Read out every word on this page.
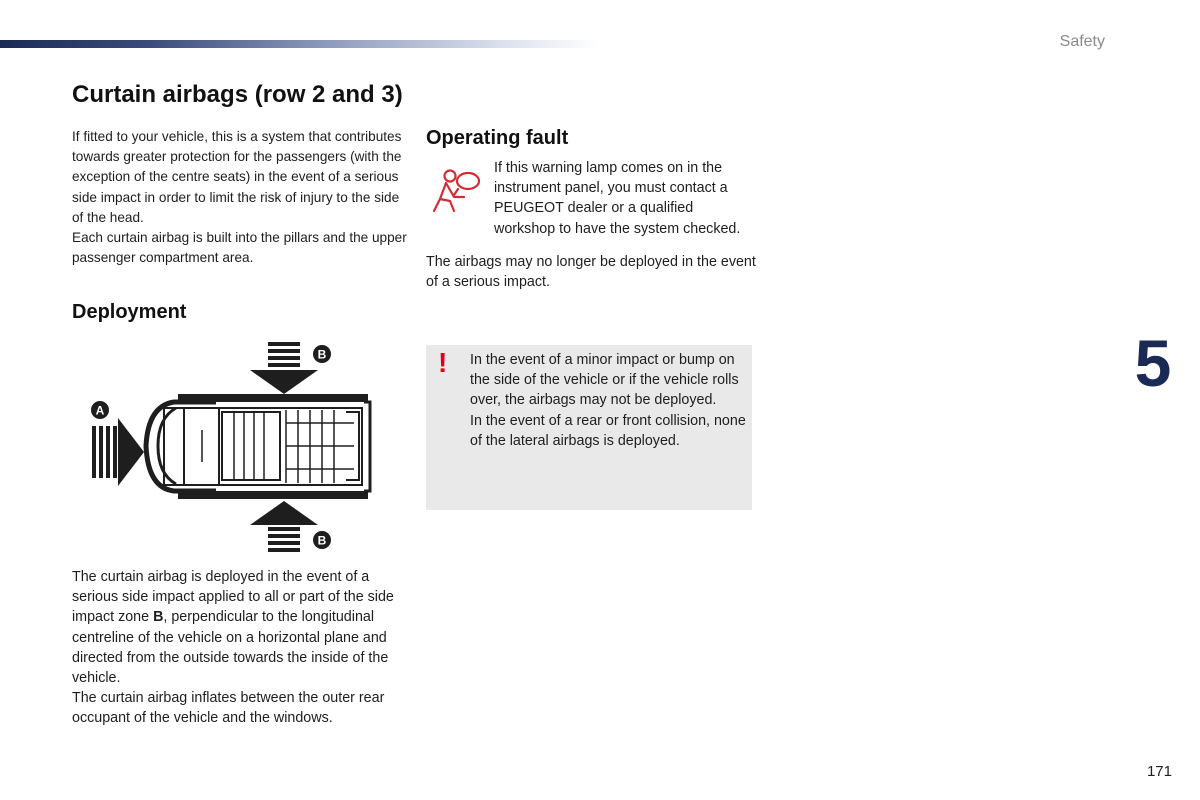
Safety
Curtain airbags (row 2 and 3)

If fitted to your vehicle, this is a system that contributes towards greater protection for the passengers (with the exception of the centre seats) in the event of a serious side impact in order to limit the risk of injury to the side of the head.

Each curtain airbag is built into the pillars and the upper passenger compartment area.

Deployment
B
B
A

The curtain airbag is deployed in the event of a serious side impact applied to all or part of the side impact zone B, perpendicular to the longitudinal centreline of the vehicle on a horizontal plane and directed from the outside towards the inside of the vehicle.

The curtain airbag inflates between the outer rear occupant of the vehicle and the windows.

Operating fault
If this warning lamp comes on in the instrument panel, you must contact a PEUGEOT dealer or a qualified workshop to have the system checked.
The airbags may no longer be deployed in the event of a serious impact.
! In the event of a minor impact or bump on the side of the vehicle or if the vehicle rolls over, the airbags may not be deployed.

In the event of a rear or front collision, none of the lateral airbags is deployed.

5
171
